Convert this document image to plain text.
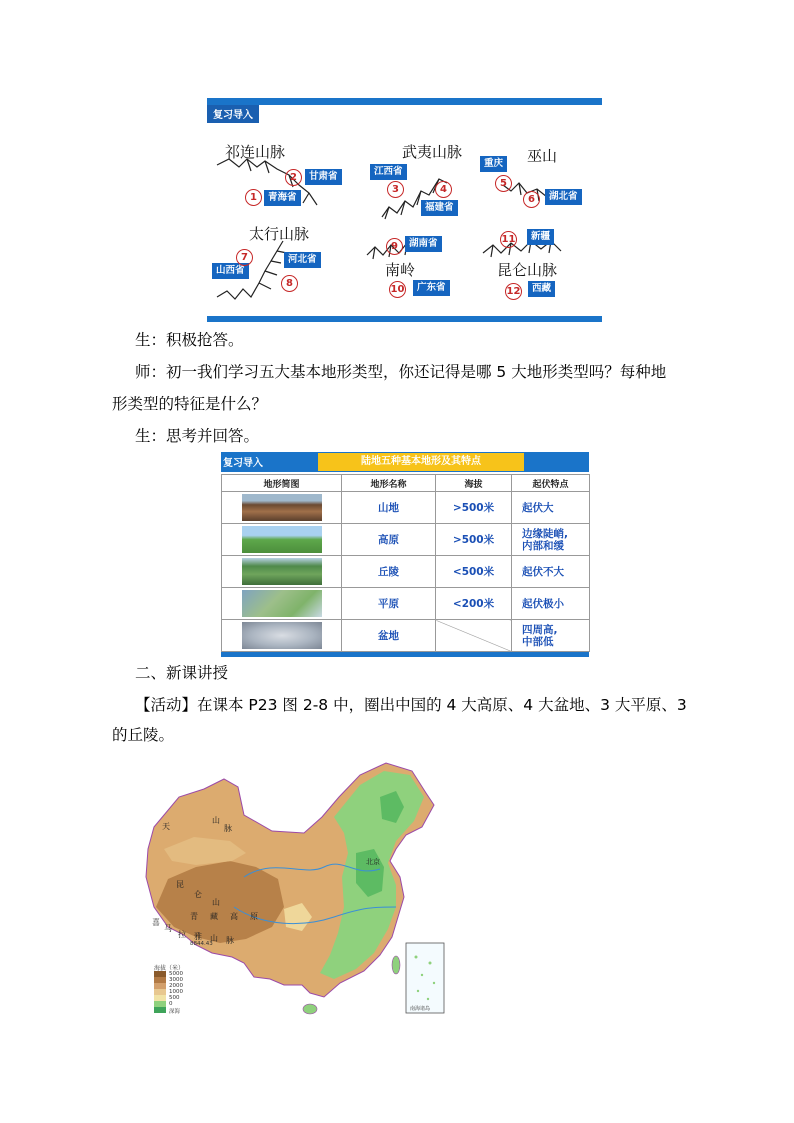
复习导入
祁连山脉	武夷山脉	巫山
太行山脉
南岭	昆仑山脉
甘肃省
青海省
江西省
福建省
重庆
湖北省
河北省
山西省
湖南省
广东省
新疆
西藏
1
2
3	4
5
6
7
8
9
10
11
12
生：积极抢答。
师：初一我们学习五大基本地形类型，你还记得是哪 5 大地形类型吗？每种地
形类型的特征是什么？
生：思考并回答。
复习导入	陆地五种基本地形及其特点
地形简图	地形名称	海拔	起伏特点

	山地	>500米	起伏大

	高原	>500米	边缘陡峭,
内部和缓

	丘陵	<500米	起伏不大

	平原	<200米	起伏极小

	盆地		四周高,
中部低
二、新课讲授
【活动】在课本 P23 图 2-8 中，圈出中国的 4 大高原、4 大盆地、3 大平原、3
的丘陵。
海拔（米）
5000
3000
2000
1000
500
0
深海
天
山
脉
昆
仑
山
青 藏 高 原
北京
南海诸岛
喜
马
拉 雅 山 脉
8844.43
